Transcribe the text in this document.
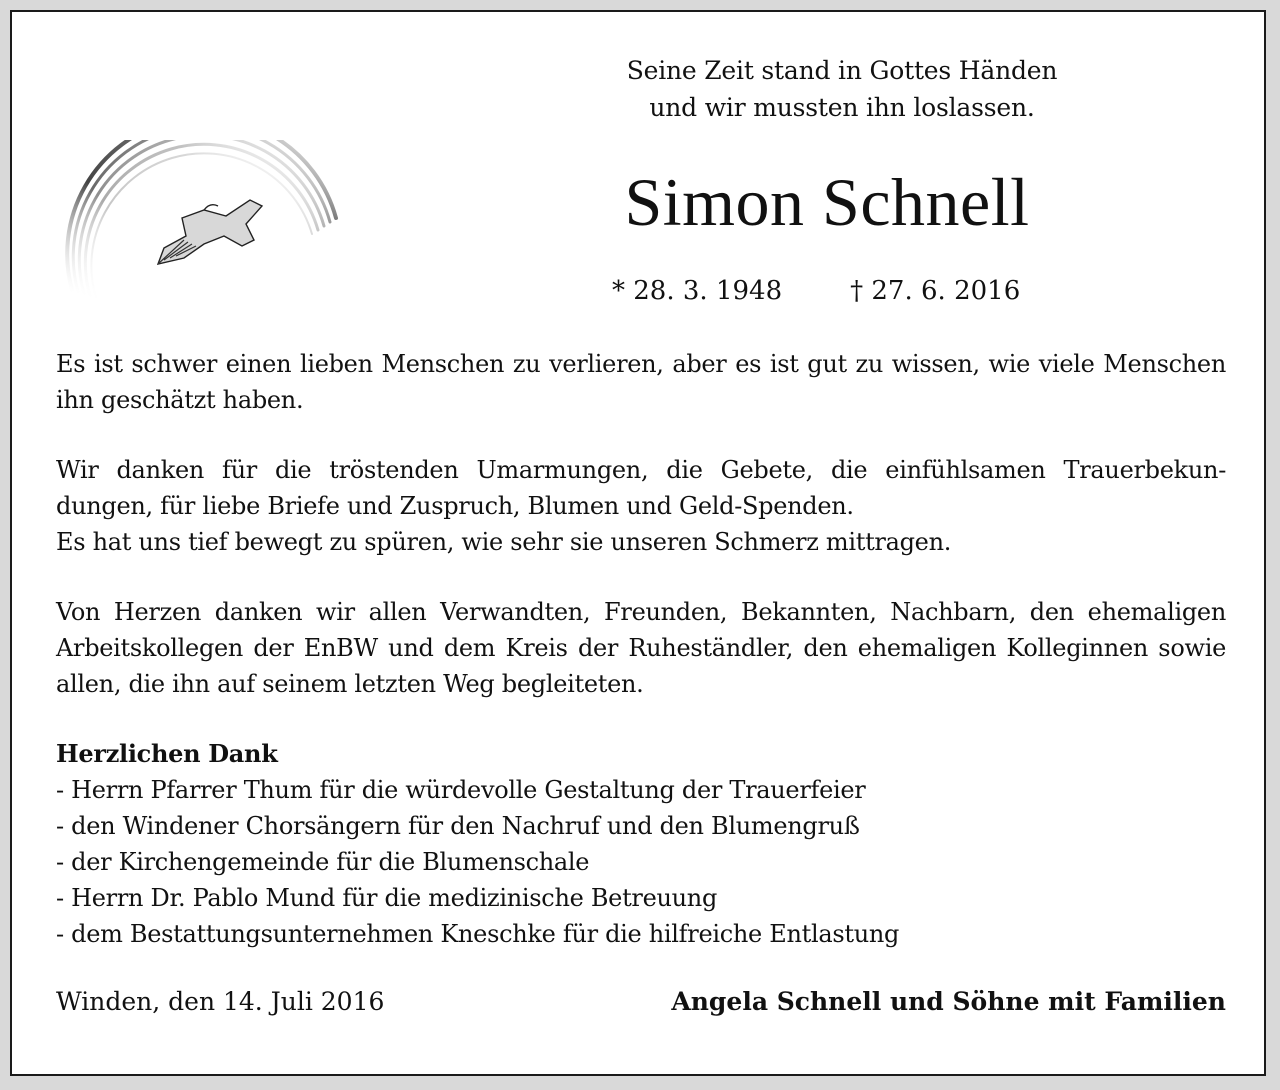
Seine Zeit stand in Gottes Händen
und wir mussten ihn loslassen.
Simon Schnell
* 28. 3. 1948	† 27. 6. 2016

Es ist schwer einen lieben Menschen zu verlieren, aber es ist gut zu wissen, wie viele Menschen ihn geschätzt haben.

Wir danken für die tröstenden Umarmungen, die Gebete, die einfühlsamen Trauerbekun-
dungen, für liebe Briefe und Zuspruch, Blumen und Geld-Spenden.
Es hat uns tief bewegt zu spüren, wie sehr sie unseren Schmerz mittragen.

Von Herzen danken wir allen Verwandten, Freunden, Bekannten, Nachbarn, den ehemaligen Arbeitskollegen der EnBW und dem Kreis der Ruheständler, den ehemaligen Kolleginnen sowie allen, die ihn auf seinem letzten Weg begleiteten.

Herzlichen Dank
- Herrn Pfarrer Thum für die würdevolle Gestaltung der Trauerfeier
- den Windener Chorsängern für den Nachruf und den Blumengruß
- der Kirchengemeinde für die Blumenschale
- Herrn Dr. Pablo Mund für die medizinische Betreuung
- dem Bestattungsunternehmen Kneschke für die hilfreiche Entlastung
Winden, den 14. Juli 2016	Angela Schnell und Söhne mit Familien
